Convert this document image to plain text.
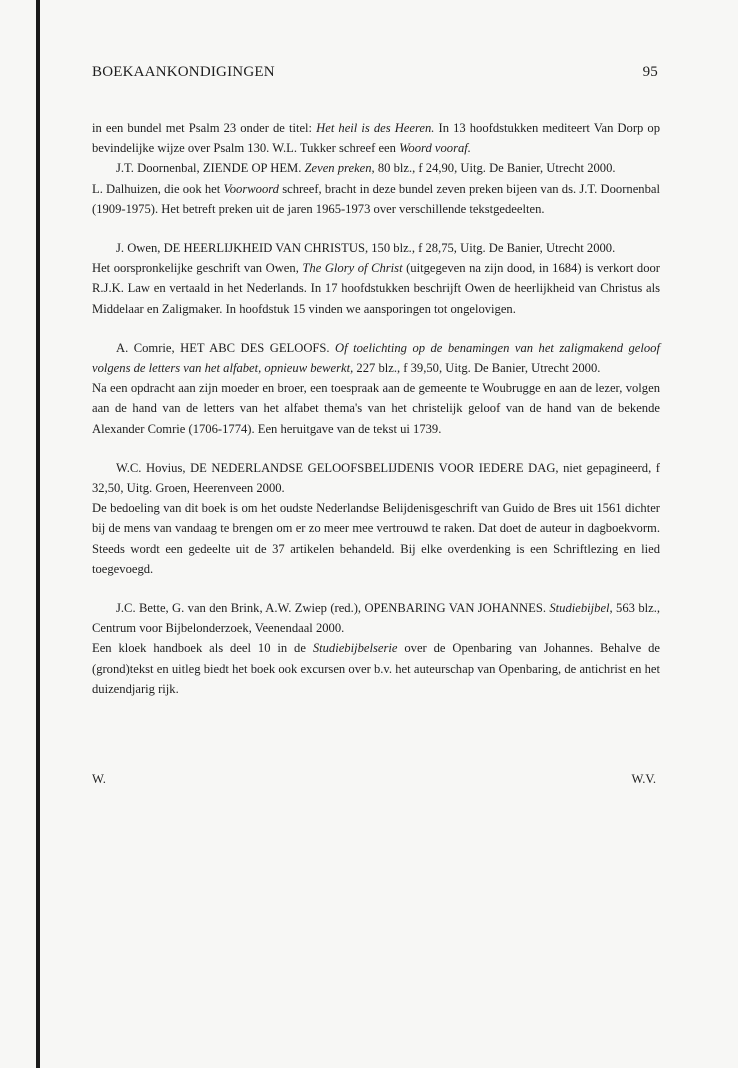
BOEKAANKONDIGINGEN	95

in een bundel met Psalm 23 onder de titel: Het heil is des Heeren. In 13 hoofdstukken mediteert Van Dorp op bevindelijke wijze over Psalm 130. W.L. Tukker schreef een Woord vooraf.

J.T. Doornenbal, ZIENDE OP HEM. Zeven preken, 80 blz., f 24,90, Uitg. De Banier, Utrecht 2000.

L. Dalhuizen, die ook het Voorwoord schreef, bracht in deze bundel zeven preken bijeen van ds. J.T. Doornenbal (1909-1975). Het betreft preken uit de jaren 1965-1973 over verschillende tekstgedeelten.

J. Owen, DE HEERLIJKHEID VAN CHRISTUS, 150 blz., f 28,75, Uitg. De Banier, Utrecht 2000.

Het oorspronkelijke geschrift van Owen, The Glory of Christ (uitgegeven na zijn dood, in 1684) is verkort door R.J.K. Law en vertaald in het Nederlands. In 17 hoofdstukken beschrijft Owen de heerlijkheid van Christus als Middelaar en Zaligmaker. In hoofdstuk 15 vinden we aansporingen tot ongelovigen.

A. Comrie, HET ABC DES GELOOFS. Of toelichting op de benamingen van het zaligmakend geloof volgens de letters van het alfabet, opnieuw bewerkt, 227 blz., f 39,50, Uitg. De Banier, Utrecht 2000.

Na een opdracht aan zijn moeder en broer, een toespraak aan de gemeente te Woubrugge en aan de lezer, volgen aan de hand van de letters van het alfabet thema's van het christelijk geloof van de hand van de bekende Alexander Comrie (1706-1774). Een heruitgave van de tekst ui 1739.

W.C. Hovius, DE NEDERLANDSE GELOOFSBELIJDENIS VOOR IEDERE DAG, niet gepagineerd, f 32,50, Uitg. Groen, Heerenveen 2000.

De bedoeling van dit boek is om het oudste Nederlandse Belijdenisgeschrift van Guido de Bres uit 1561 dichter bij de mens van vandaag te brengen om er zo meer mee vertrouwd te raken. Dat doet de auteur in dagboekvorm. Steeds wordt een gedeelte uit de 37 artikelen behandeld. Bij elke overdenking is een Schriftlezing en lied toegevoegd.

J.C. Bette, G. van den Brink, A.W. Zwiep (red.), OPENBARING VAN JOHANNES. Studiebijbel, 563 blz., Centrum voor Bijbelonderzoek, Veenendaal 2000.

Een kloek handboek als deel 10 in de Studiebijbelserie over de Openbaring van Johannes. Behalve de (grond)tekst en uitleg biedt het boek ook excursen over b.v. het auteurschap van Openbaring, de antichrist en het duizendjarig rijk.

W.	W.V.
